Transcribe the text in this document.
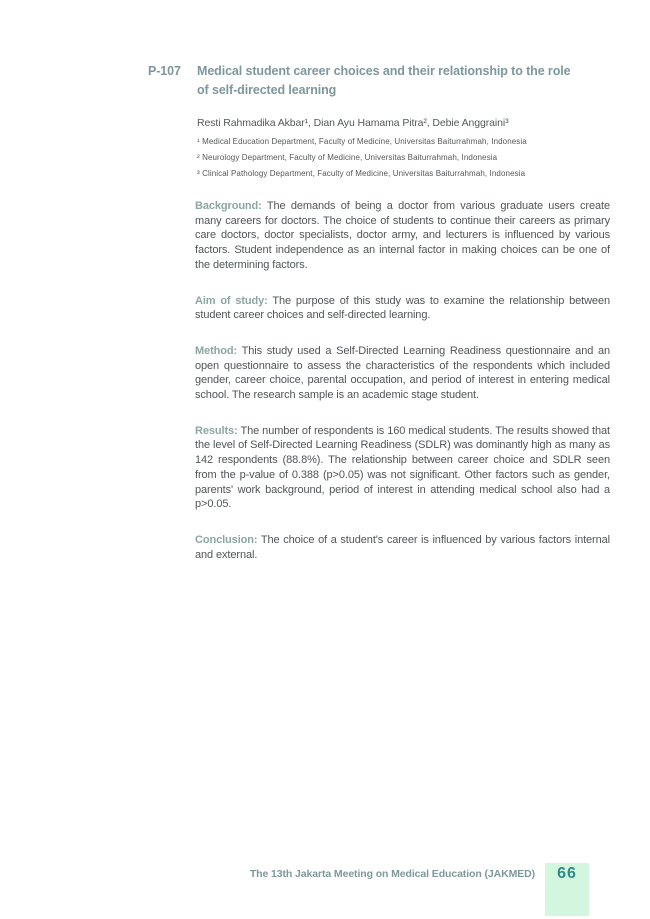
P-107	Medical student career choices and their relationship to the role of self-directed learning
Resti Rahmadika Akbar¹, Dian Ayu Hamama Pitra², Debie Anggraini³
¹ Medical Education Department, Faculty of Medicine, Universitas Baiturrahmah, Indonesia
² Neurology Department, Faculty of Medicine, Universitas Baiturrahmah, Indonesia
³ Clinical Pathology Department, Faculty of Medicine, Universitas Baiturrahmah, Indonesia

Background: The demands of being a doctor from various graduate users create many careers for doctors. The choice of students to continue their careers as primary care doctors, doctor specialists, doctor army, and lecturers is influenced by various factors. Student independence as an internal factor in making choices can be one of the determining factors.

Aim of study: The purpose of this study was to examine the relationship between student career choices and self-directed learning.

Method: This study used a Self-Directed Learning Readiness questionnaire and an open questionnaire to assess the characteristics of the respondents which included gender, career choice, parental occupation, and period of interest in entering medical school. The research sample is an academic stage student.

Results: The number of respondents is 160 medical students. The results showed that the level of Self-Directed Learning Readiness (SDLR) was dominantly high as many as 142 respondents (88.8%). The relationship between career choice and SDLR seen from the p-value of 0.388 (p>0.05) was not significant. Other factors such as gender, parents' work background, period of interest in attending medical school also had a p>0.05.

Conclusion: The choice of a student's career is influenced by various factors internal and external.

The 13th Jakarta Meeting on Medical Education (JAKMED)	66
